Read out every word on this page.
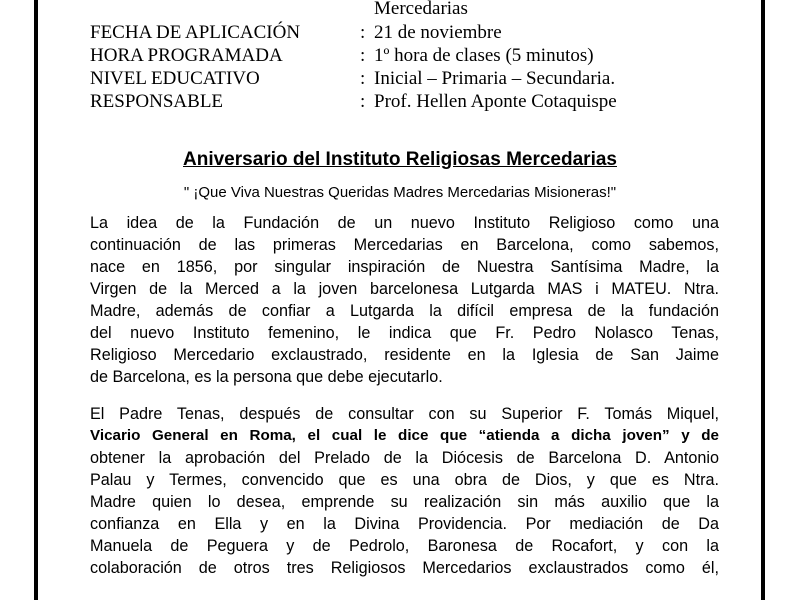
Mercedarias
FECHA DE APLICACIÓN	: 21 de noviembre
HORA PROGRAMADA	: 1º hora de clases (5 minutos)
NIVEL EDUCATIVO	: Inicial – Primaria – Secundaria.
RESPONSABLE	: Prof. Hellen Aponte Cotaquispe
Aniversario del Instituto Religiosas Mercedarias
" ¡Que Viva Nuestras Queridas Madres Mercedarias Misioneras!"
La idea de la Fundación de un nuevo Instituto Religioso como una
continuación de las primeras Mercedarias en Barcelona, como sabemos,
nace en 1856, por singular inspiración de Nuestra Santísima Madre, la
Virgen de la Merced a la joven barcelonesa Lutgarda MAS i MATEU. Ntra.
Madre, además de confiar a Lutgarda la difícil empresa de la fundación
del nuevo Instituto femenino, le indica que Fr. Pedro Nolasco Tenas,
Religioso Mercedario exclaustrado, residente en la Iglesia de San Jaime
de Barcelona, es la persona que debe ejecutarlo.
El Padre Tenas, después de consultar con su Superior F. Tomás Miquel,
Vicario General en Roma, el cual le dice que “atienda a dicha joven” y de
obtener la aprobación del Prelado de la Diócesis de Barcelona D. Antonio
Palau y Termes, convencido que es una obra de Dios, y que es Ntra.
Madre quien lo desea, emprende su realización sin más auxilio que la
confianza en Ella y en la Divina Providencia. Por mediación de Da
Manuela de Peguera y de Pedrolo, Baronesa de Rocafort, y con la
colaboración de otros tres Religiosos Mercedarios exclaustrados como él,
